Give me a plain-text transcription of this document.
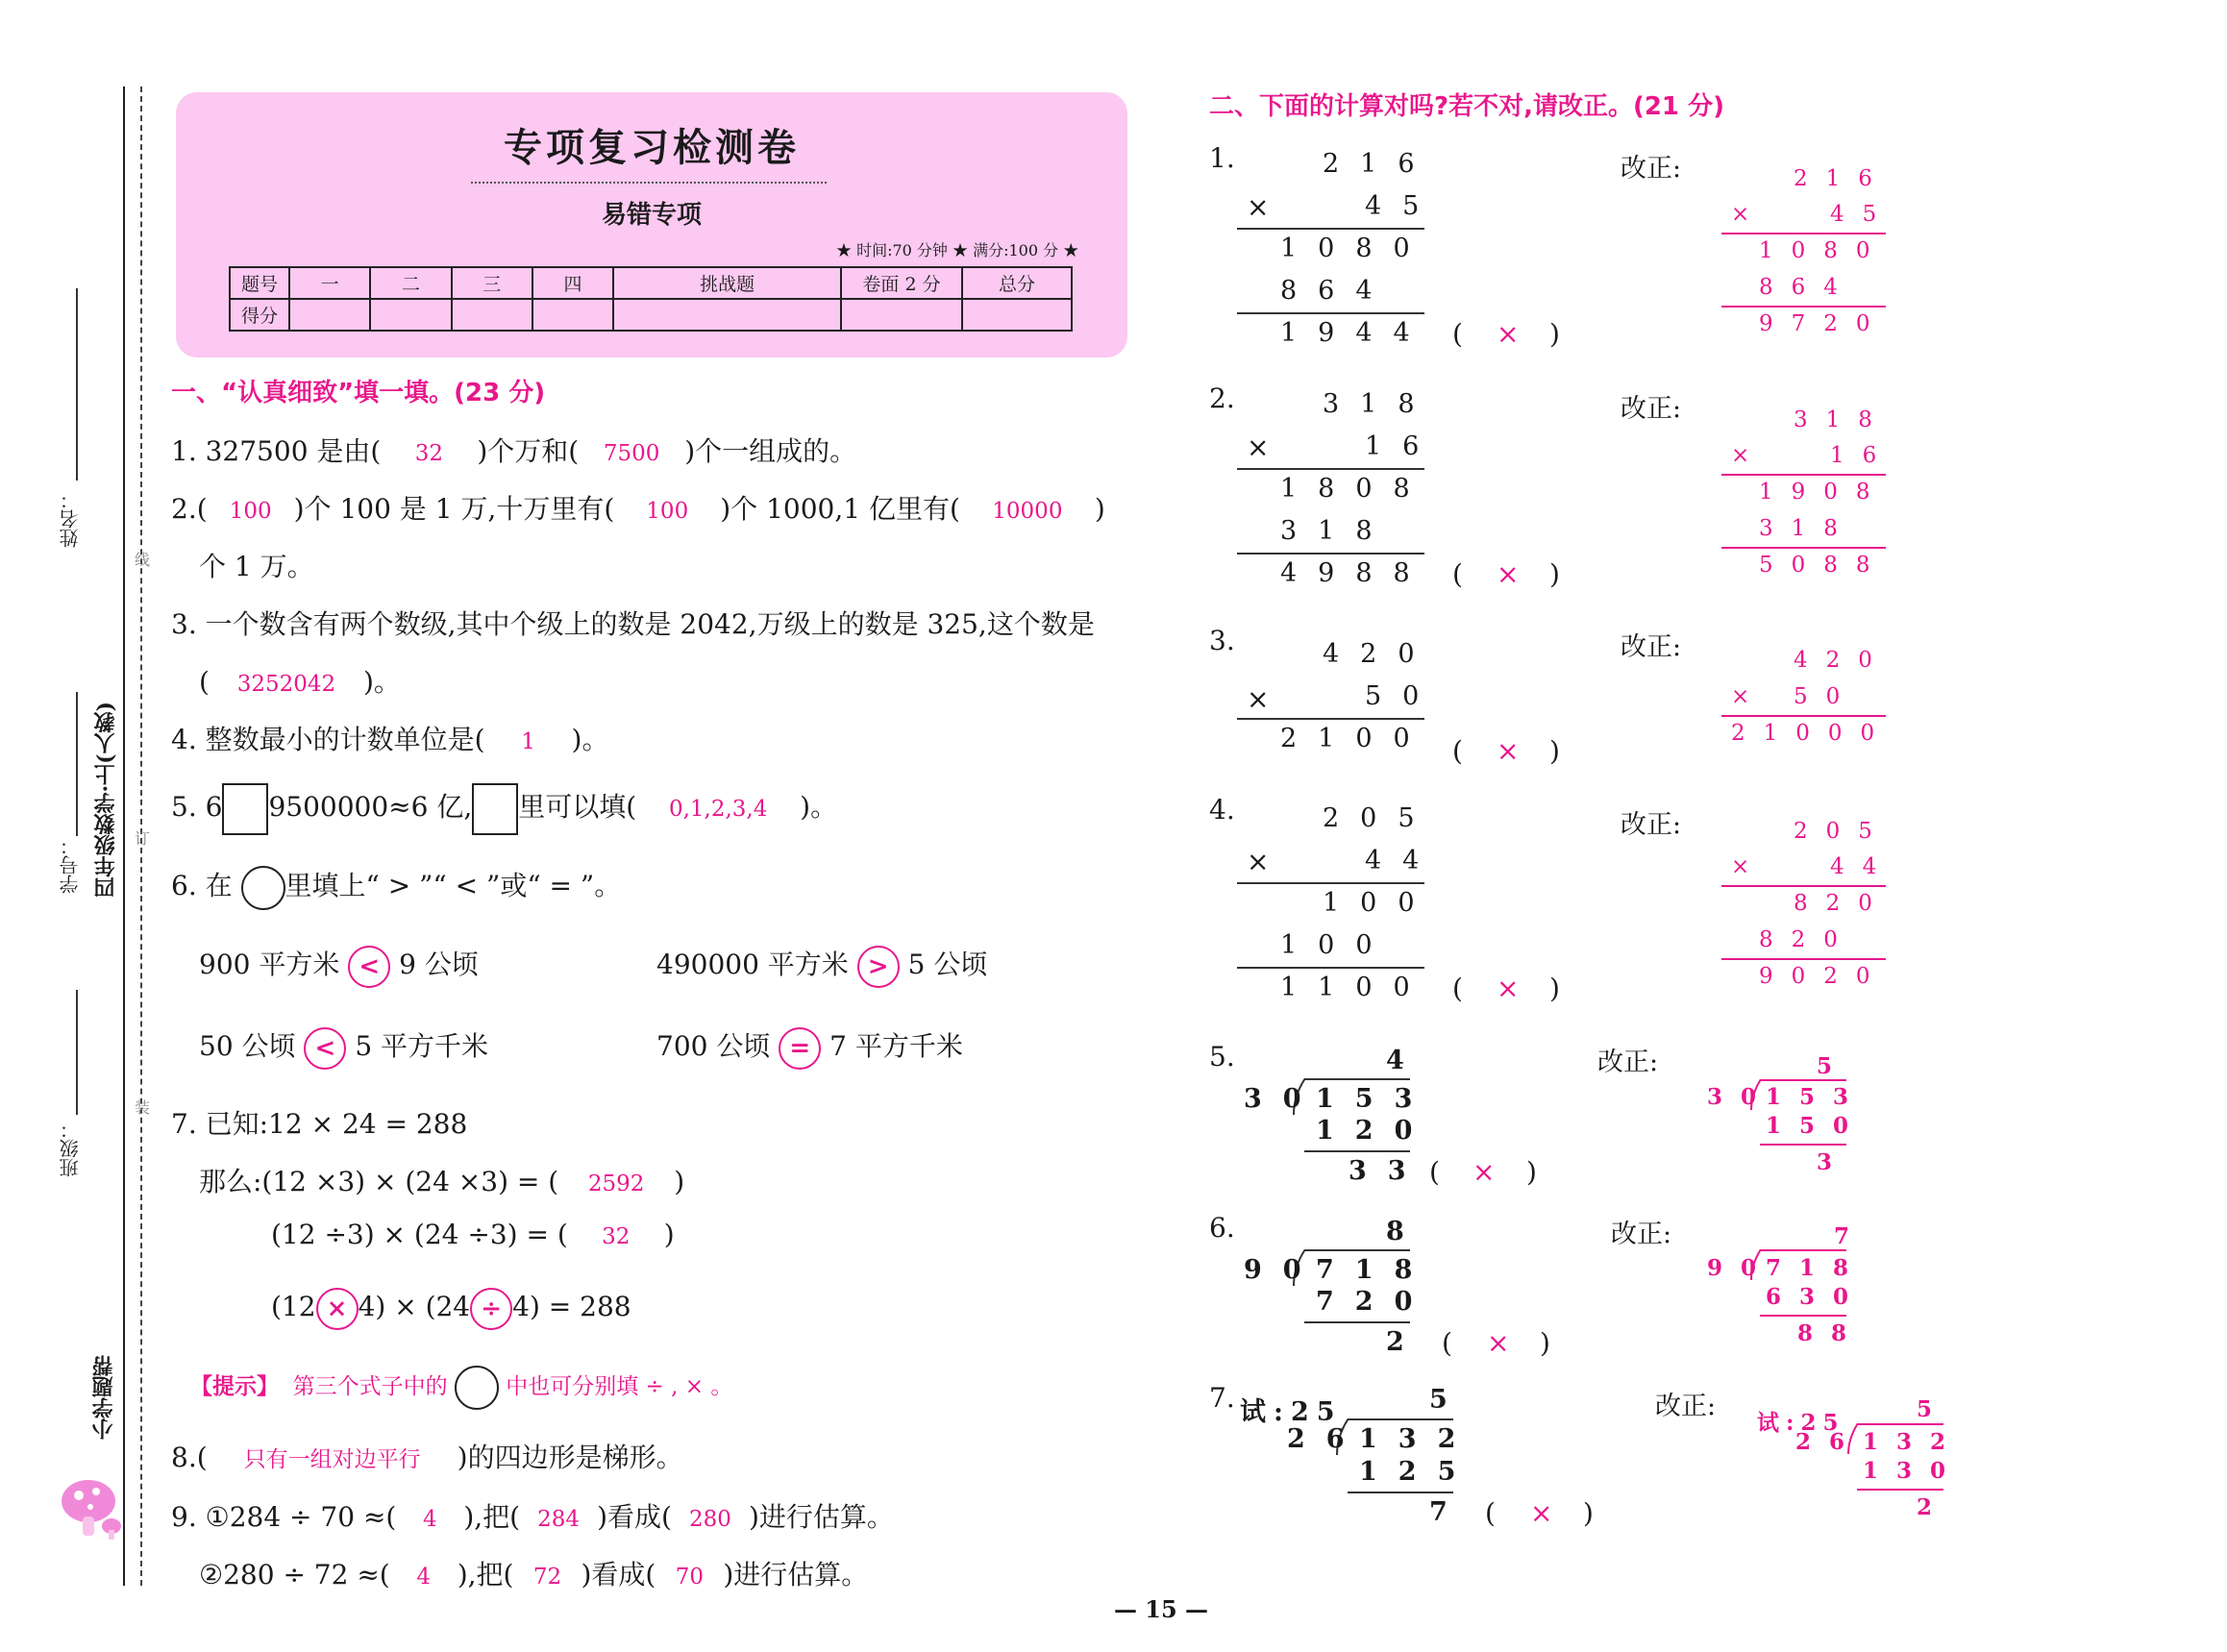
姓名：
学号： 四年级数学·上(人教)
班级：
小学题帮
线
订
装
专项复习检测卷
易错专项
★ 时间:70 分钟 ★ 满分:100 分 ★
题号	一	二	三	四	挑战题	卷面 2 分	总分
得分							
一、“认真细致”填一填。(23 分)
1. 327500 是由( 32 )个万和( 7500 )个一组成的。
2.( 100 )个 100 是 1 万,十万里有( 100 )个 1000,1 亿里有( 10000 )
个 1 万。
3. 一个数含有两个数级,其中个级上的数是 2042,万级上的数是 325,这个数是
( 3252042 )。
4. 整数最小的计数单位是( 1 )。
5. 6 9500000≈6 亿, 里可以填( 0,1,2,3,4 )。
6. 在 里填上“ > ”“ < ”或“ = ”。
900 平方米 < 9 公顷	490000 平方米 > 5 公顷
50 公顷 < 5 平方千米	700 公顷 = 7 平方千米
7. 已知:12 × 24 = 288
那么:(12 ×3) × (24 ×3) = ( 2592 )
(12 ÷3) × (24 ÷3) = ( 32 )
(12 × 4) × (24 ÷ 4) = 288
【提示】 第三个式子中的	中也可分别填 ÷ , × 。
8.( 只有一组对边平行 )的四边形是梯形。
9. ①284 ÷ 70 ≈( 4 ),把( 284 )看成( 280 )进行估算。
②280 ÷ 72 ≈( 4 ),把( 72 )看成( 70 )进行估算。
二、下面的计算对吗?若不对,请改正。(21 分)
1.	216
×	45
1080
864
1944 ( × )
改正:	216
×	45
1080
864
9720
2.	318
×	16
1808
318
4988 ( × )
改正:	318
×	16
1908
318
5088
3.	420
×	50
2100 ( × )
改正:	420
× 50
21000
4.	205
×	44
100
100
1100 ( × )
改正:	205
×	44
820
820
9020
5.	4
30
153
120
33 ( × )
改正:	5
30
153
150
3
6.	8
90
718
720
2 ( × )
改正:	7
90
718
630
88
7. 试:25	5
26
132
125
7 ( × )
改正:
试:25
5
26 132
130
2
— 15 —
